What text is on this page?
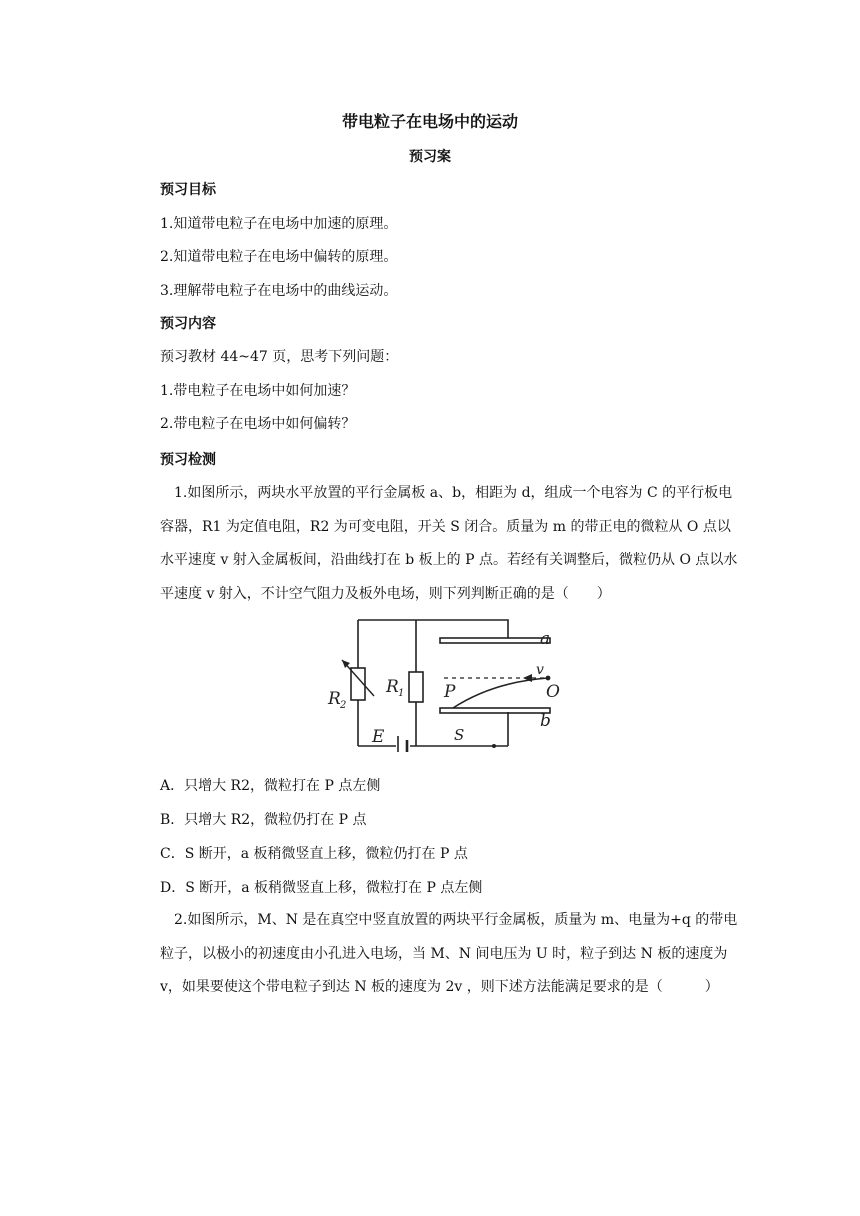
带电粒子在电场中的运动
预习案
预习目标
1.知道带电粒子在电场中加速的原理。
2.知道带电粒子在电场中偏转的原理。
3.理解带电粒子在电场中的曲线运动。
预习内容
预习教材 44~47 页，思考下列问题：
1.带电粒子在电场中如何加速？
2.带电粒子在电场中如何偏转？
预习检测
1.如图所示，两块水平放置的平行金属板 a、b，相距为 d，组成一个电容为 C 的平行板电容器，R1 为定值电阻，R2 为可变电阻，开关 S 闭合。质量为 m 的带正电的微粒从 O 点以水平速度 v 射入金属板间，沿曲线打在 b 板上的 P 点。若经有关调整后，微粒仍从 O 点以水平速度 v 射入，不计空气阻力及板外电场，则下列判断正确的是（　　）
a
b
v
O
P
R 1
R 2
E	S
A．只增大 R2，微粒打在 P 点左侧
B．只增大 R2，微粒仍打在 P 点
C．S 断开，a 板稍微竖直上移，微粒仍打在 P 点
D．S 断开，a 板稍微竖直上移，微粒打在 P 点左侧
2.如图所示，M、N 是在真空中竖直放置的两块平行金属板，质量为 m、电量为+q 的带电粒子，以极小的初速度由小孔进入电场，当 M、N 间电压为 U 时，粒子到达 N 板的速度为 v，如果要使这个带电粒子到达 N 板的速度为 2v ，则下述方法能满足要求的是（　　　）
